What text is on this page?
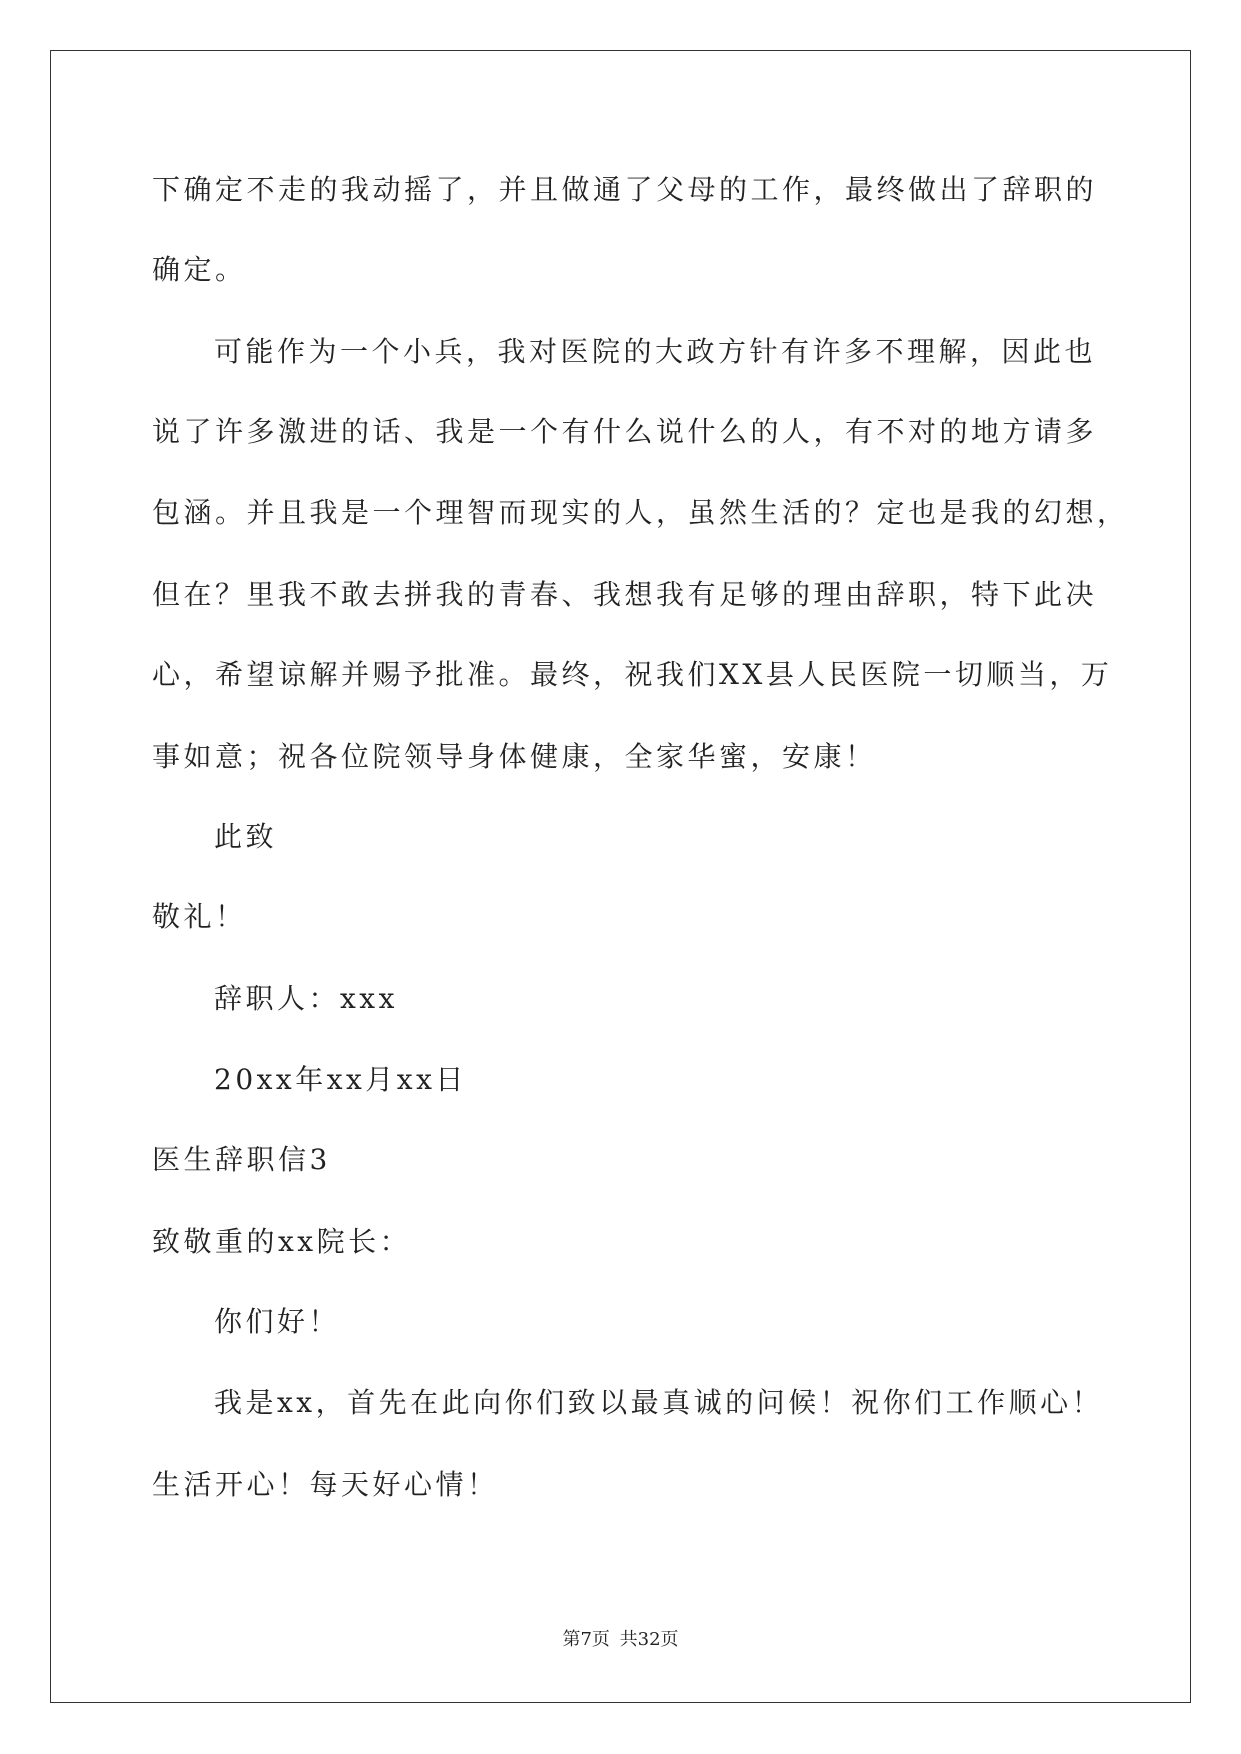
下确定不走的我动摇了，并且做通了父母的工作，最终做出了辞职的
确定。
可能作为一个小兵，我对医院的大政方针有许多不理解，因此也
说了许多激进的话、我是一个有什么说什么的人，有不对的地方请多
包涵。并且我是一个理智而现实的人，虽然生活的？定也是我的幻想，
但在？里我不敢去拼我的青春、我想我有足够的理由辞职，特下此决
心，希望谅解并赐予批准。最终，祝我们XX县人民医院一切顺当，万
事如意；祝各位院领导身体健康，全家华蜜，安康！
此致
敬礼！
辞职人：xxx
20xx年xx月xx日
医生辞职信3
致敬重的xx院长：
你们好！
我是xx，首先在此向你们致以最真诚的问候！祝你们工作顺心！
生活开心！每天好心情！
第7页 共32页
